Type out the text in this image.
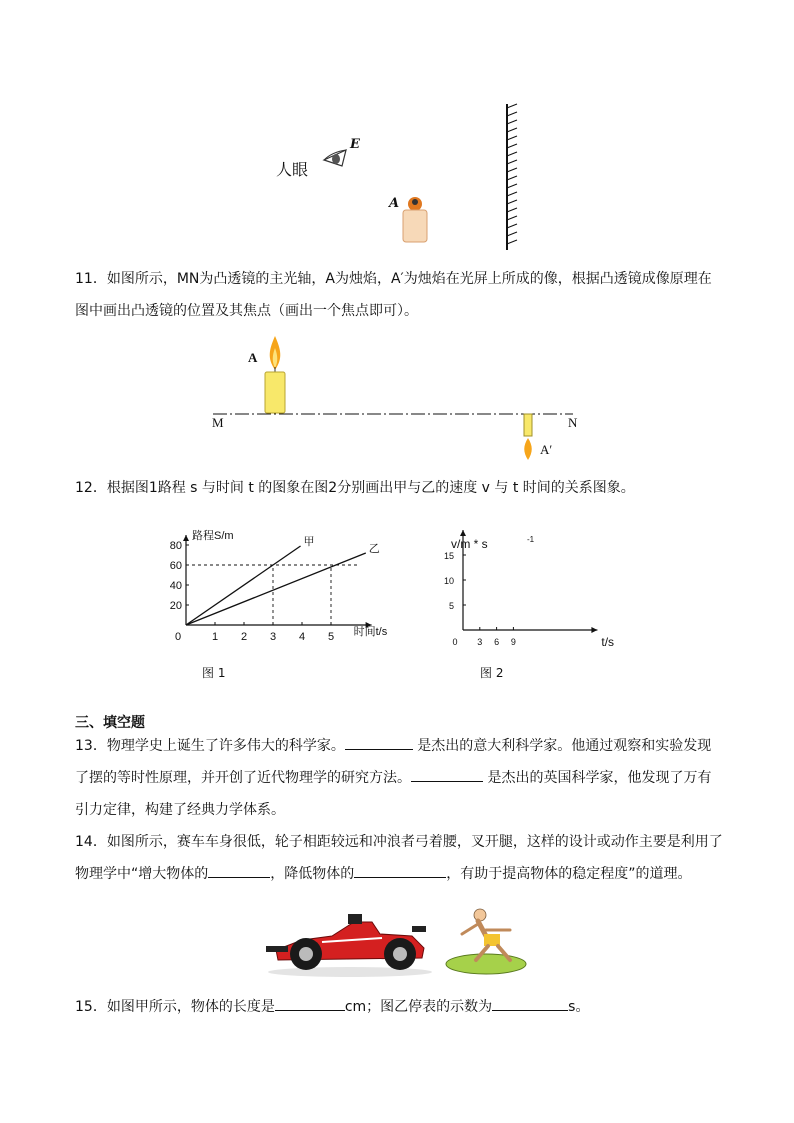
人眼
E
A
11．如图所示，MN为凸透镜的主光轴，A为烛焰，A′为烛焰在光屏上所成的像，根据凸透镜成像原理在
图中画出凸透镜的位置及其焦点（画出一个焦点即可）。
A
M	N
A′
12．根据图1路程 s 与时间 t 的图象在图2分别画出甲与乙的速度 v 与 t 时间的关系图象。
1 2 3 4 5
20
40
60
80
0	时间t/s
路程S/m	甲
乙
3 6 9
5
10
15
0	t/s
v/m * s	-1
图 1	图 2
三、填空题
13．物理学史上诞生了许多伟大的科学家。	是杰出的意大利科学家。他通过观察和实验发现
了摆的等时性原理，并开创了近代物理学的研究方法。	是杰出的英国科学家，他发现了万有
引力定律，构建了经典力学体系。
14．如图所示，赛车车身很低，轮子相距较远和冲浪者弓着腰，叉开腿，这样的设计或动作主要是利用了
物理学中“增大物体的	，降低物体的	，有助于提高物体的稳定程度”的道理。
15．如图甲所示，物体的长度是	cm；图乙停表的示数为	s。
